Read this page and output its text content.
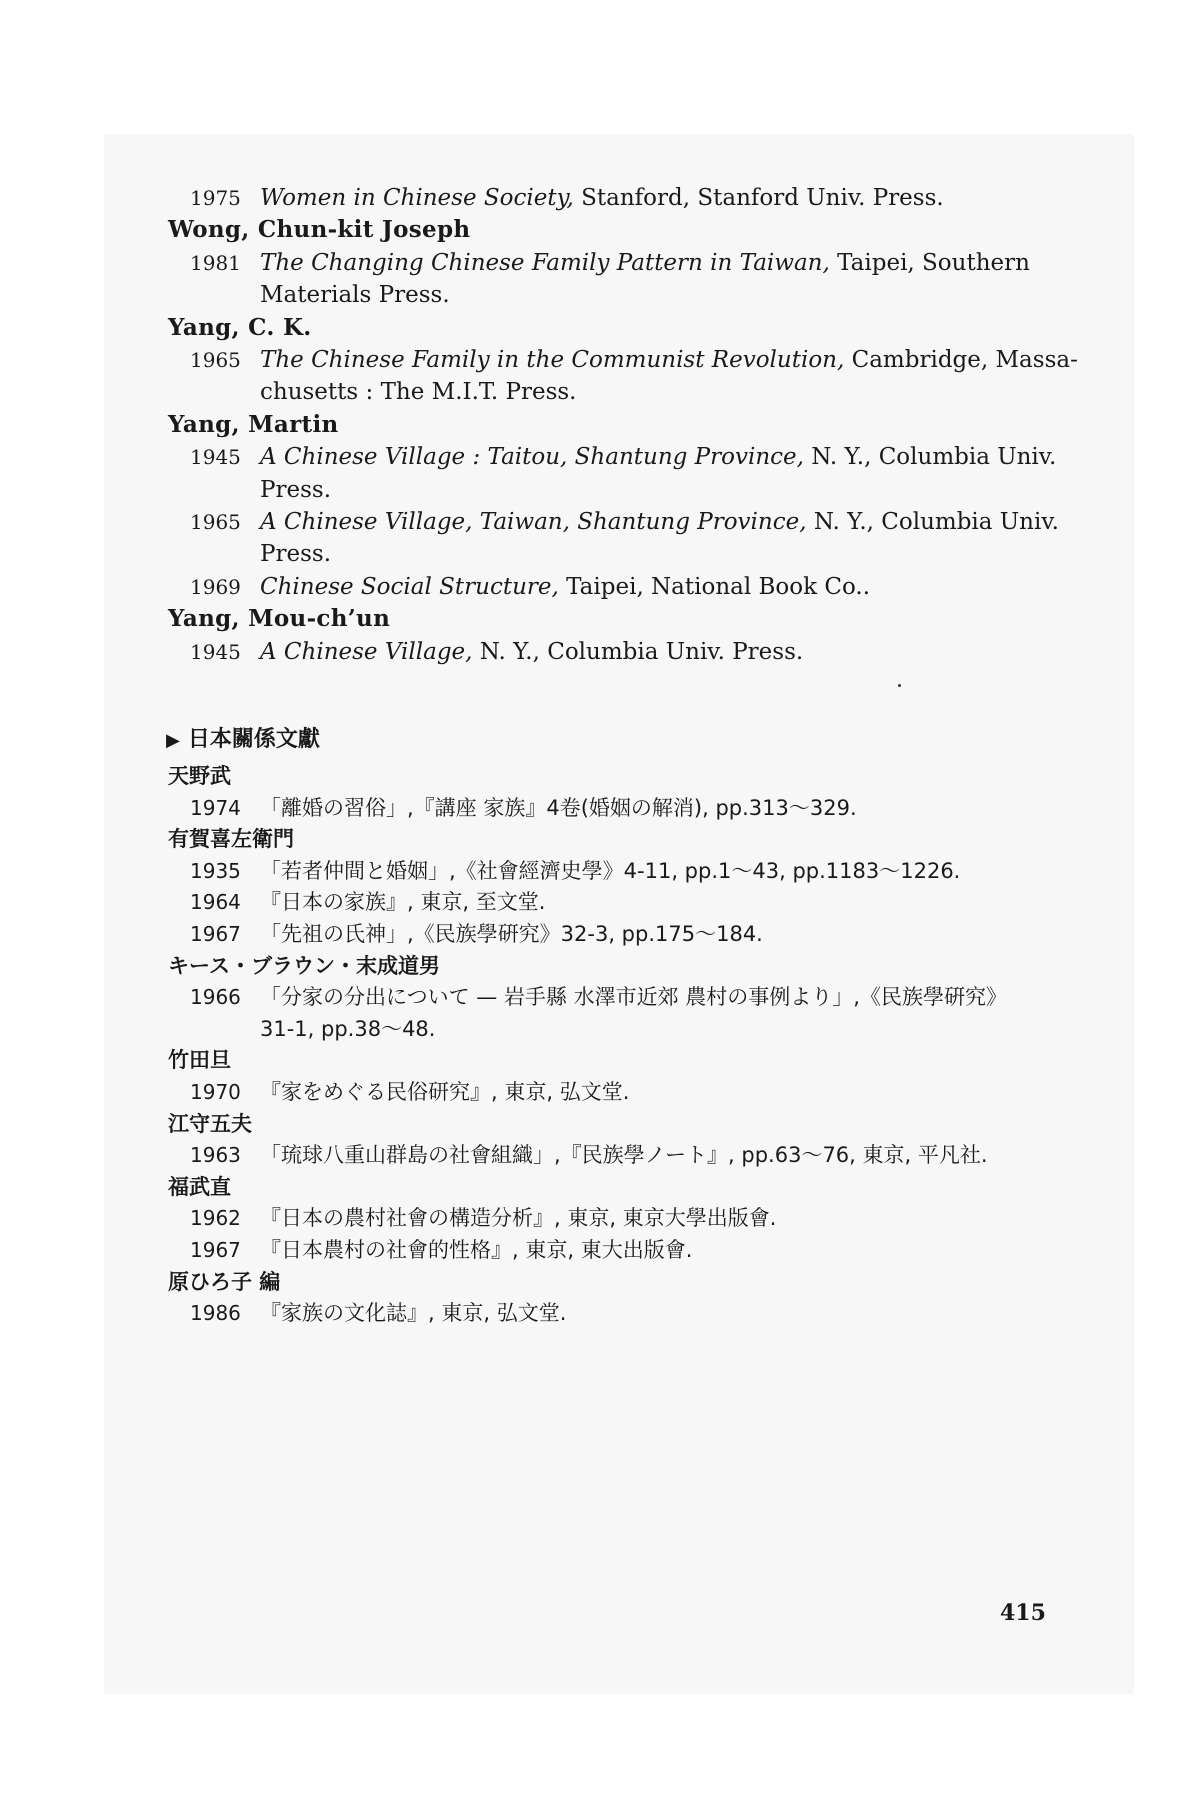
1975 Women in Chinese Society, Stanford, Stanford Univ. Press.
Wong, Chun-kit Joseph
1981 The Changing Chinese Family Pattern in Taiwan, Taipei, Southern
Materials Press.
Yang, C. K.
1965 The Chinese Family in the Communist Revolution, Cambridge, Massa-
chusetts : The M.I.T. Press.
Yang, Martin
1945 A Chinese Village : Taitou, Shantung Province, N. Y., Columbia Univ.
Press.
1965 A Chinese Village, Taiwan, Shantung Province, N. Y., Columbia Univ.
Press.
1969 Chinese Social Structure, Taipei, National Book Co..
Yang, Mou-ch’un
1945 A Chinese Village, N. Y., Columbia Univ. Press.
天野武
1974 「離婚の習俗」,『講座 家族』4卷(婚姻の解消), pp.313～329.
有賀喜左衛門
1935 「若者仲間と婚姻」,《社會經濟史學》4-11, pp.1～43, pp.1183～1226.
1964 『日本の家族』, 東京, 至文堂.
1967 「先祖の氏神」,《民族學硏究》32-3, pp.175～184.
キース・ブラウン・末成道男
1966 「分家の分出について — 岩手縣 水澤市近郊 農村の事例より」,《民族學硏究》
31-1, pp.38～48.
竹田旦
1970 『家をめぐる民俗研究』, 東京, 弘文堂.
江守五夫
1963 「琉球八重山群島の社會組織」,『民族學ノート』, pp.63～76, 東京, 平凡社.
福武直
1962 『日本の農村社會の構造分析』, 東京, 東京大學出版會.
1967 『日本農村の社會的性格』, 東京, 東大出版會.
原ひろ子 編
1986 『家族の文化誌』, 東京, 弘文堂.
▶ 日本關係文獻
415
